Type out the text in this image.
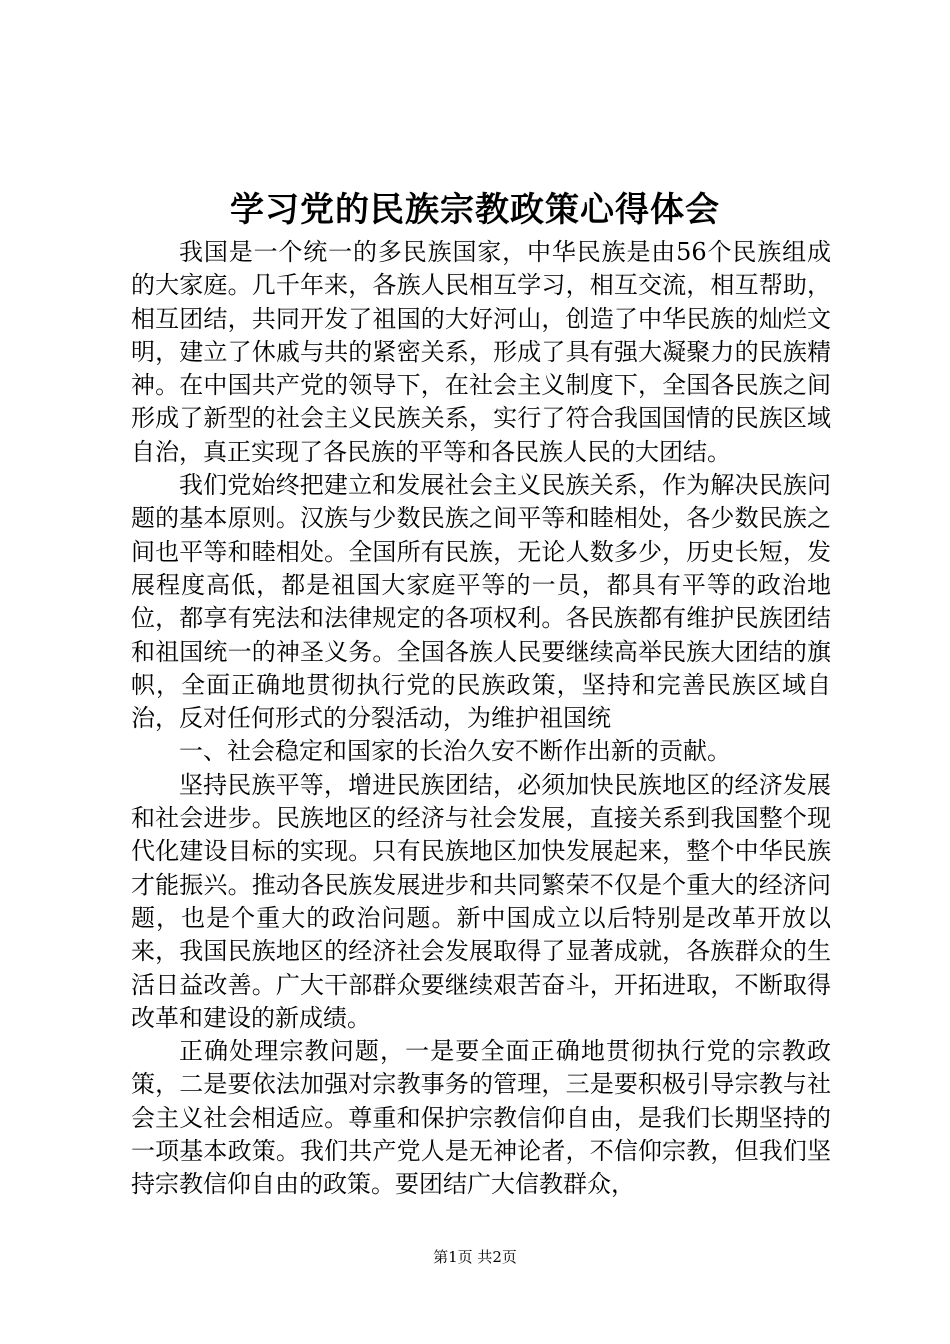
学习党的民族宗教政策心得体会

我国是一个统一的多民族国家，中华民族是由56个民族组成的大家庭。几千年来，各族人民相互学习，相互交流，相互帮助，相互团结，共同开发了祖国的大好河山，创造了中华民族的灿烂文明，建立了休戚与共的紧密关系，形成了具有强大凝聚力的民族精神。在中国共产党的领导下，在社会主义制度下，全国各民族之间形成了新型的社会主义民族关系，实行了符合我国国情的民族区域自治，真正实现了各民族的平等和各民族人民的大团结。

我们党始终把建立和发展社会主义民族关系，作为解决民族问题的基本原则。汉族与少数民族之间平等和睦相处，各少数民族之间也平等和睦相处。全国所有民族，无论人数多少，历史长短，发展程度高低，都是祖国大家庭平等的一员，都具有平等的政治地位，都享有宪法和法律规定的各项权利。各民族都有维护民族团结和祖国统一的神圣义务。全国各族人民要继续高举民族大团结的旗帜，全面正确地贯彻执行党的民族政策，坚持和完善民族区域自治，反对任何形式的分裂活动，为维护祖国统

一、社会稳定和国家的长治久安不断作出新的贡献。

坚持民族平等，增进民族团结，必须加快民族地区的经济发展和社会进步。民族地区的经济与社会发展，直接关系到我国整个现代化建设目标的实现。只有民族地区加快发展起来，整个中华民族才能振兴。推动各民族发展进步和共同繁荣不仅是个重大的经济问题，也是个重大的政治问题。新中国成立以后特别是改革开放以来，我国民族地区的经济社会发展取得了显著成就，各族群众的生活日益改善。广大干部群众要继续艰苦奋斗，开拓进取，不断取得改革和建设的新成绩。

正确处理宗教问题，一是要全面正确地贯彻执行党的宗教政策，二是要依法加强对宗教事务的管理，三是要积极引导宗教与社会主义社会相适应。尊重和保护宗教信仰自由，是我们长期坚持的一项基本政策。我们共产党人是无神论者，不信仰宗教，但我们坚持宗教信仰自由的政策。要团结广大信教群众，

第1页 共2页
